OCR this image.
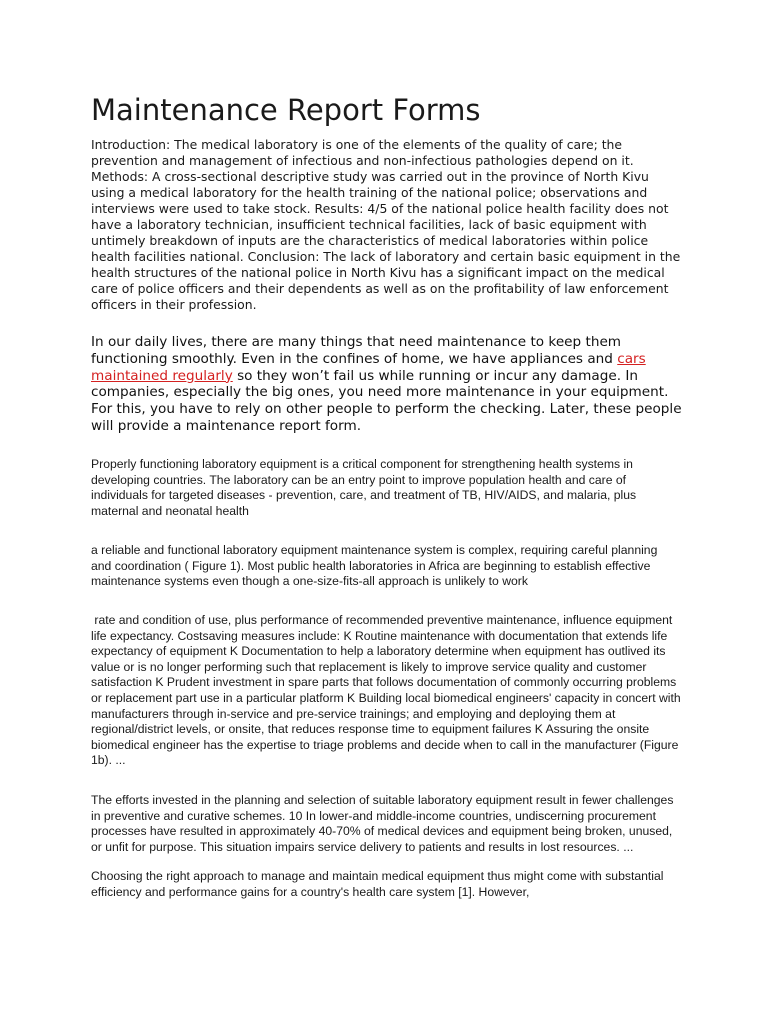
Maintenance Report Forms

Introduction: The medical laboratory is one of the elements of the quality of care; the prevention and management of infectious and non-infectious pathologies depend on it. Methods: A cross-sectional descriptive study was carried out in the province of North Kivu using a medical laboratory for the health training of the national police; observations and interviews were used to take stock. Results: 4/5 of the national police health facility does not have a laboratory technician, insufficient technical facilities, lack of basic equipment with untimely breakdown of inputs are the characteristics of medical laboratories within police health facilities national. Conclusion: The lack of laboratory and certain basic equipment in the health structures of the national police in North Kivu has a significant impact on the medical care of police officers and their dependents as well as on the profitability of law enforcement officers in their profession.

In our daily lives, there are many things that need maintenance to keep them functioning smoothly. Even in the confines of home, we have appliances and cars maintained regularly so they won’t fail us while running or incur any damage. In companies, especially the big ones, you need more maintenance in your equipment. For this, you have to rely on other people to perform the checking. Later, these people will provide a maintenance report form.

Properly functioning laboratory equipment is a critical component for strengthening health systems in developing countries. The laboratory can be an entry point to improve population health and care of individuals for targeted diseases - prevention, care, and treatment of TB, HIV/AIDS, and malaria, plus maternal and neonatal health

a reliable and functional laboratory equipment maintenance system is complex, requiring careful planning and coordination ( Figure 1). Most public health laboratories in Africa are beginning to establish effective maintenance systems even though a one-size-fits-all approach is unlikely to work

rate and condition of use, plus performance of recommended preventive maintenance, influence equipment life expectancy. Costsaving measures include: K Routine maintenance with documentation that extends life expectancy of equipment K Documentation to help a laboratory determine when equipment has outlived its value or is no longer performing such that replacement is likely to improve service quality and customer satisfaction K Prudent investment in spare parts that follows documentation of commonly occurring problems or replacement part use in a particular platform K Building local biomedical engineers' capacity in concert with manufacturers through in-service and pre-service trainings; and employing and deploying them at regional/district levels, or onsite, that reduces response time to equipment failures K Assuring the onsite biomedical engineer has the expertise to triage problems and decide when to call in the manufacturer (Figure 1b). ...

The efforts invested in the planning and selection of suitable laboratory equipment result in fewer challenges in preventive and curative schemes. 10 In lower-and middle-income countries, undiscerning procurement processes have resulted in approximately 40-70% of medical devices and equipment being broken, unused, or unfit for purpose. This situation impairs service delivery to patients and results in lost resources. ...

Choosing the right approach to manage and maintain medical equipment thus might come with substantial efficiency and performance gains for a country's health care system [1]. However,
